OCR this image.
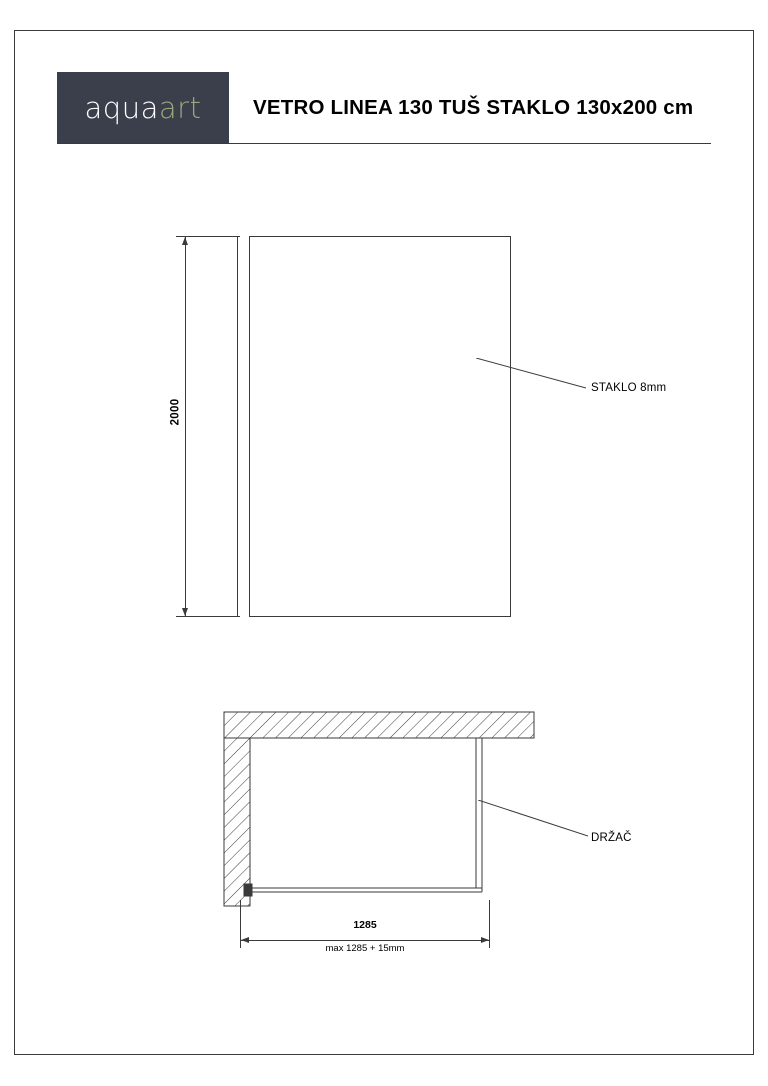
aquaart	VETRO LINEA 130 TUŠ STAKLO 130x200 cm
2000
STAKLO 8mm
DRŽAČ
1285
max 1285 + 15mm
